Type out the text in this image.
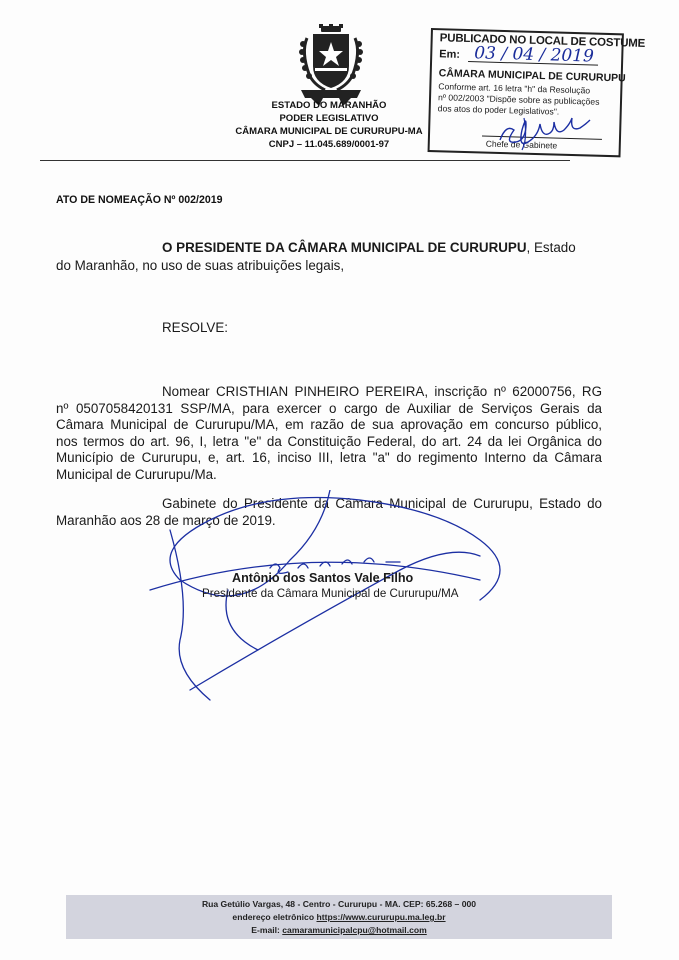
ESTADO DO MARANHÃO
PODER LEGISLATIVO
CÂMARA MUNICIPAL DE CURURUPU-MA
CNPJ – 11.045.689/0001-97
PUBLICADO NO LOCAL DE COSTUME
Em: 03 / 04 / 2019
CÂMARA MUNICIPAL DE CURURUPU
Conforme art. 16 letra "h" da Resolução
nº 002/2003 "Dispõe sobre as publicações
dos atos do poder Legislativos".
Chefe de Gabinete
ATO DE NOMEAÇÃO Nº 002/2019
O PRESIDENTE DA CÂMARA MUNICIPAL DE CURURUPU, Estado
do Maranhão, no uso de suas atribuições legais,
RESOLVE:
Nomear CRISTHIAN PINHEIRO PEREIRA, inscrição nº 62000756, RG
nº 0507058420131 SSP/MA, para exercer o cargo de Auxiliar de Serviços Gerais da
Câmara Municipal de Cururupu/MA, em razão de sua aprovação em concurso público,
nos termos do art. 96, I, letra "e" da Constituição Federal, do art. 24 da lei Orgânica do
Município de Cururupu, e, art. 16, inciso III, letra "a" do regimento Interno da Câmara
Municipal de Cururupu/Ma.
Gabinete do Presidente da Câmara Municipal de Cururupu, Estado do
Maranhão aos 28 de março de 2019.
Antônio dos Santos Vale Filho
Presidente da Câmara Municipal de Cururupu/MA
Rua Getúlio Vargas, 48 - Centro - Cururupu - MA. CEP: 65.268 – 000
endereço eletrônico https://www.cururupu.ma.leg.br
E-mail: camaramunicipalcpu@hotmail.com
